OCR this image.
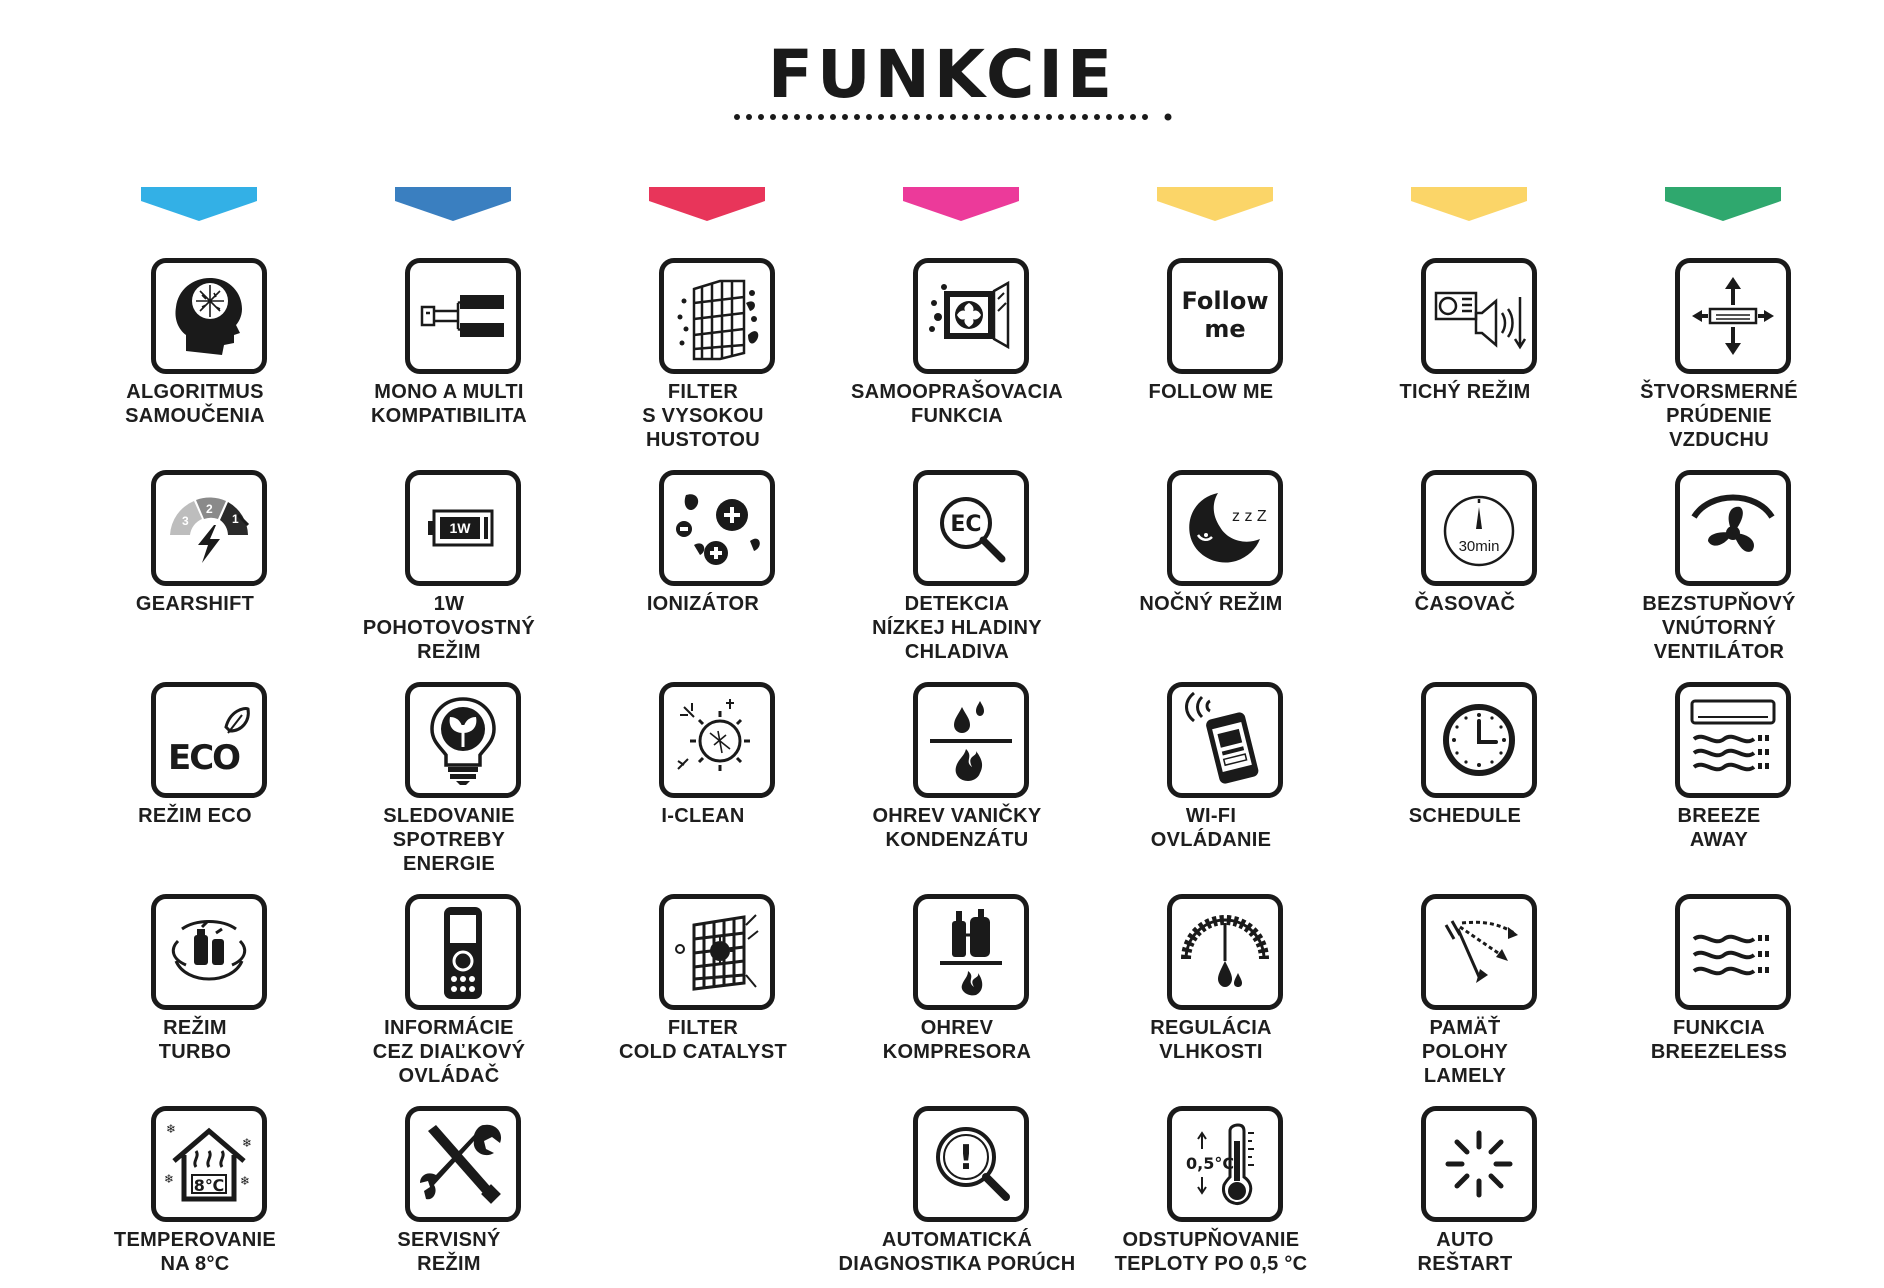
FUNKCIE
ALGORITMUS
SAMOUČENIA
MONO A MULTI
KOMPATIBILITA
FILTER
S VYSOKOU
HUSTOTOU
SAMOOPRAŠOVACIA
FUNKCIA
Follow
me
FOLLOW ME	TICHÝ REŽIM	ŠTVORSMERNÉ
PRÚDENIE
VZDUCHU
3
2
1
GEARSHIFT
1W
1W
POHOTOVOSTNÝ
REŽIM
IONIZÁTOR
EC
DETEKCIA
NÍZKEJ HLADINY
CHLADIVA
z z Z
NOČNÝ REŽIM
30min
ČASOVAČ	BEZSTUPŇOVÝ
VNÚTORNÝ
VENTILÁTOR
ECO
REŽIM ECO	SLEDOVANIE
SPOTREBY
ENERGIE
I-CLEAN	OHREV VANIČKY
KONDENZÁTU
WI-FI
OVLÁDANIE
SCHEDULE	BREEZE
AWAY
REŽIM
TURBO
INFORMÁCIE
CEZ DIAĽKOVÝ
OVLÁDAČ
FILTER
COLD CATALYST
OHREV
KOMPRESORA
REGULÁCIA
VLHKOSTI
PAMÄŤ
POLOHY
LAMELY
FUNKCIA
BREEZELESS
8℃
❄
❄
❄	❄
TEMPEROVANIE
NA 8°C
SERVISNÝ
REŽIM
!
AUTOMATICKÁ
DIAGNOSTIKA PORÚCH
0,5°C
ODSTUPŇOVANIE
TEPLOTY PO 0,5 °C
AUTO
REŠTART
